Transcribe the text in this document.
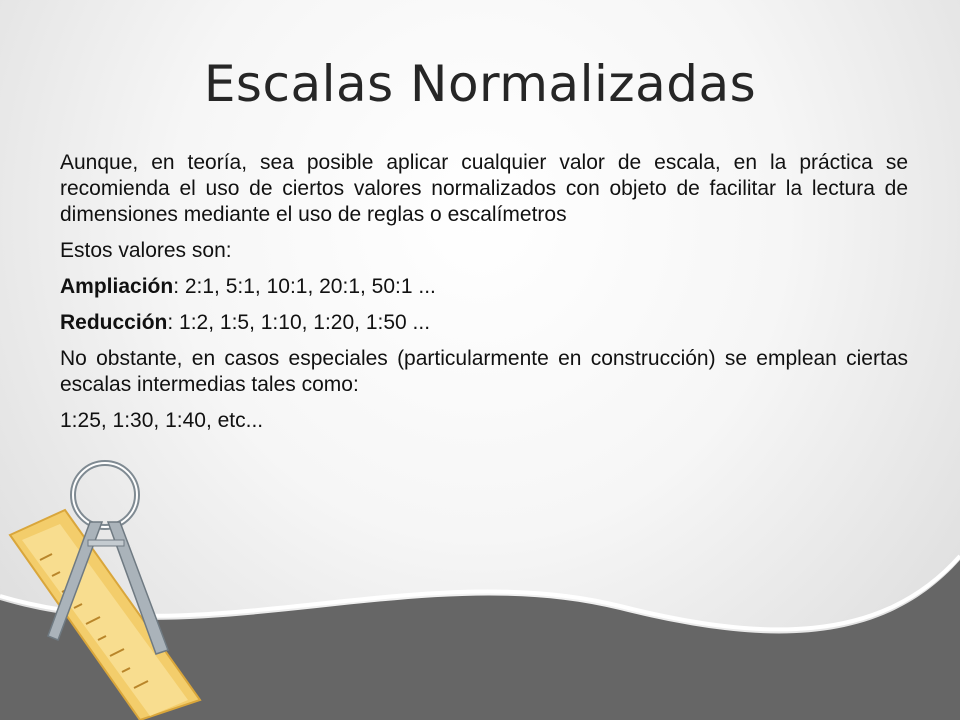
Escalas Normalizadas

Aunque, en teoría, sea posible aplicar cualquier valor de escala, en la práctica se recomienda el uso de ciertos valores normalizados con objeto de facilitar la lectura de dimensiones mediante el uso de reglas o escalímetros

Estos valores son:

Ampliación: 2:1, 5:1, 10:1, 20:1, 50:1 ...

Reducción: 1:2, 1:5, 1:10, 1:20, 1:50 ...

No obstante, en casos especiales (particularmente en construcción) se emplean ciertas escalas intermedias tales como:

1:25, 1:30, 1:40, etc...
